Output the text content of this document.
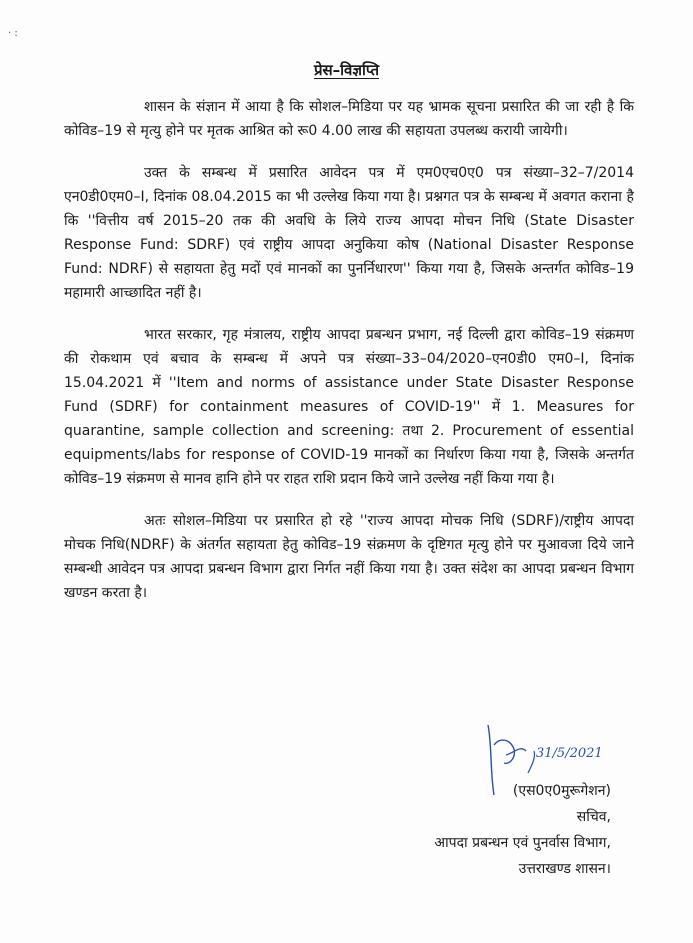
· :
प्रेस–विज्ञप्ति

शासन के संज्ञान में आया है कि सोशल–मिडिया पर यह भ्रामक सूचना प्रसारित की जा रही है कि कोविड–19 से मृत्यु होने पर मृतक आश्रित को रू0 4.00 लाख की सहायता उपलब्ध करायी जायेगी।

उक्त के सम्बन्ध में प्रसारित आवेदन पत्र में एम0एच0ए0 पत्र संख्या–32–7/2014 एन0डी0एम0–I, दिनांक 08.04.2015 का भी उल्लेख किया गया है। प्रश्नगत पत्र के सम्बन्ध में अवगत कराना है कि ''वित्तीय वर्ष 2015–20 तक की अवधि के लिये राज्य आपदा मोचन निधि (State Disaster Response Fund: SDRF) एवं राष्ट्रीय आपदा अनुकिया कोष (National Disaster Response Fund: NDRF) से सहायता हेतु मदों एवं मानकों का पुनर्निधारण'' किया गया है, जिसके अन्तर्गत कोविड–19 महामारी आच्छादित नहीं है।

भारत सरकार, गृह मंत्रालय, राष्ट्रीय आपदा प्रबन्धन प्रभाग, नई दिल्ली द्वारा कोविड–19 संक्रमण की रोकथाम एवं बचाव के सम्बन्ध में अपने पत्र संख्या–33–04/2020–एन0डी0 एम0–I, दिनांक 15.04.2021 में ''Item and norms of assistance under State Disaster Response Fund (SDRF) for containment measures of COVID-19'' में 1. Measures for quarantine, sample collection and screening: तथा 2. Procurement of essential equipments/labs for response of COVID-19 मानकों का निर्धारण किया गया है, जिसके अन्तर्गत कोविड–19 संक्रमण से मानव हानि होने पर राहत राशि प्रदान किये जाने उल्लेख नहीं किया गया है।

अतः सोशल–मिडिया पर प्रसारित हो रहे ''राज्य आपदा मोचक निधि (SDRF)/राष्ट्रीय आपदा मोचक निधि(NDRF) के अंतर्गत सहायता हेतु कोविड–19 संक्रमण के दृष्टिगत मृत्यु होने पर मुआवजा दिये जाने सम्बन्धी आवेदन पत्र आपदा प्रबन्धन विभाग द्वारा निर्गत नहीं किया गया है। उक्त संदेश का आपदा प्रबन्धन विभाग खण्डन करता है।

31/5/2021
(एस0ए0मुरूगेशन)
सचिव,
आपदा प्रबन्धन एवं पुनर्वास विभाग,
उत्तराखण्ड शासन।
